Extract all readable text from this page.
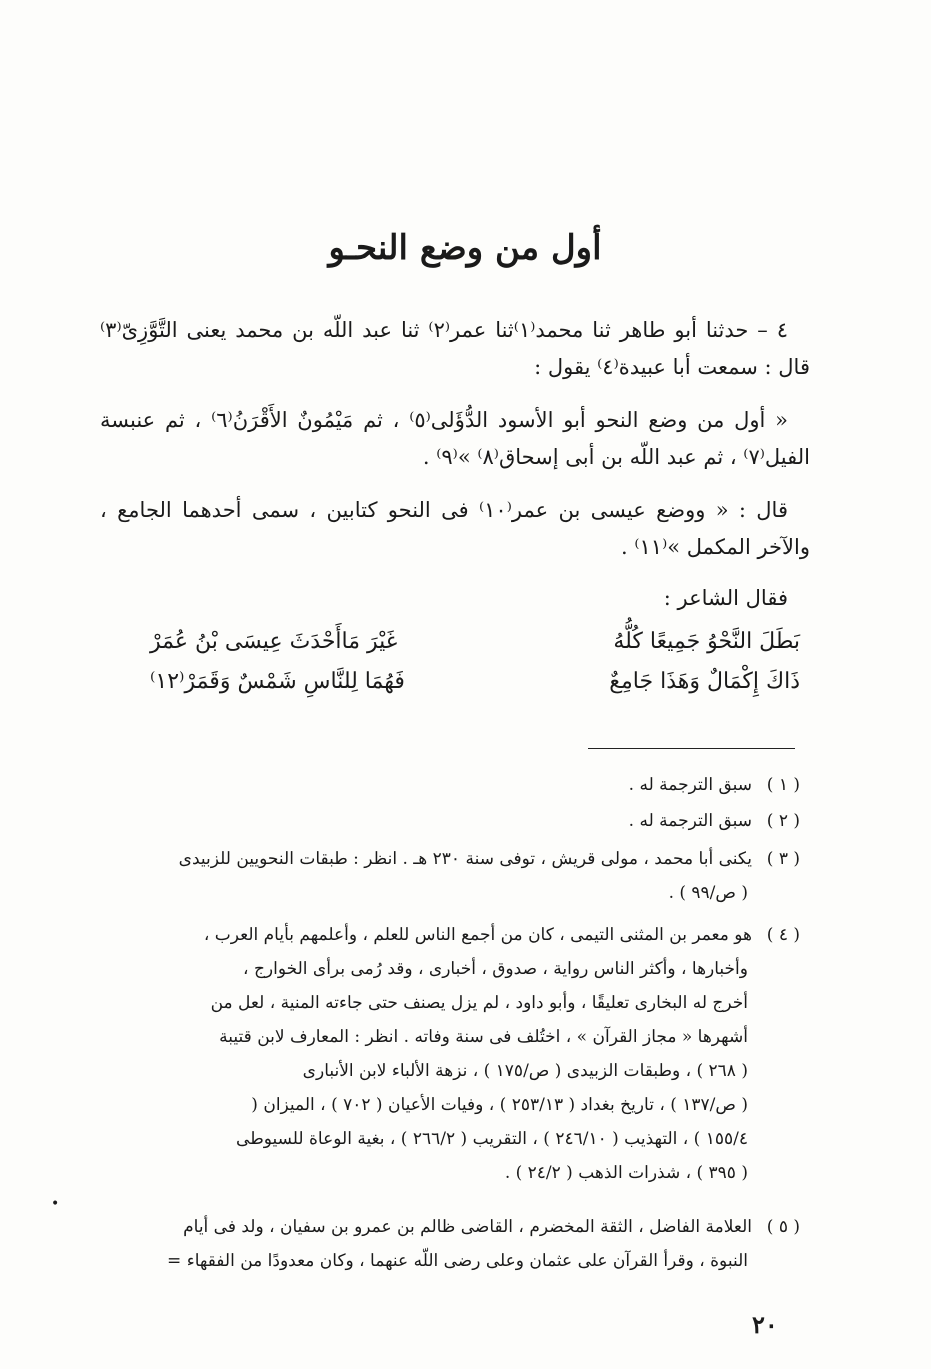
أول من وضع النحـو
٤ – حدثنا أبو طاهر ثنا محمد⁽١⁾ثنا عمر⁽٢⁾ ثنا عبد اللّه بن محمد يعنى التَّوَّزِىّ⁽٣⁾ قال : سمعت أبا عبيدة⁽٤⁾ يقول :
« أول من وضع النحو أبو الأسود الدُّؤَلى⁽٥⁾ ، ثم مَيْمُونٌ الأَقْرَنُ⁽٦⁾ ، ثم عنبسة الفيل⁽٧⁾ ، ثم عبد اللّه بن أبى إسحاق⁽٨⁾ »⁽٩⁾ .
قال : « ووضع عيسى بن عمر⁽١٠⁾ فى النحو كتابين ، سمى أحدهما الجامع ، والآخر المكمل »⁽١١⁾ .
فقال الشاعر :
بَطَلَ النَّحْوُ جَمِيعًا كُلُّهُ
غَيْرَ مَاأَحْدَثَ عِيسَى بْنُ عُمَرْ
ذَاكَ إِكْمَالٌ وَهَذَا جَامِعٌ
فَهُمَا لِلنَّاسِ شَمْسٌ وَقَمَرْ⁽١٢⁾
( ١ )سبق الترجمة له .
( ٢ )سبق الترجمة له .
( ٣ )يكنى أبا محمد ، مولى قريش ، توفى سنة ٢٣٠ هـ . انظر : طبقات النحويين للزبيدى
( ص/٩٩ ) .
( ٤ )هو معمر بن المثنى التيمى ، كان من أجمع الناس للعلم ، وأعلمهم بأيام العرب ،
وأخبارها ، وأكثر الناس رواية ، صدوق ، أخبارى ، وقد رُمى برأى الخوارج ،
أخرج له البخارى تعليقًا ، وأبو داود ، لم يزل يصنف حتى جاءته المنية ، لعل من
أشهرها « مجاز القرآن » ، اختُلف فى سنة وفاته . انظر : المعارف لابن قتيبة
( ٢٦٨ ) ، وطبقات الزبيدى ( ص/١٧٥ ) ، نزهة الألباء لابن الأنبارى
( ص/١٣٧ ) ، تاريخ بغداد ( ٢٥٣/١٣ ) ، وفيات الأعيان ( ٧٠٢ ) ، الميزان (
١٥٥/٤ ) ، التهذيب ( ٢٤٦/١٠ ) ، التقريب ( ٢٦٦/٢ ) ، بغية الوعاة للسيوطى
( ٣٩٥ ) ، شذرات الذهب ( ٢٤/٢ ) .
( ٥ )العلامة الفاضل ، الثقة المخضرم ، القاضى ظالم بن عمرو بن سفيان ، ولد فى أيام
النبوة ، وقرأ القرآن على عثمان وعلى رضى اللّه عنهما ، وكان معدودًا من الفقهاء =
•
٢٠
